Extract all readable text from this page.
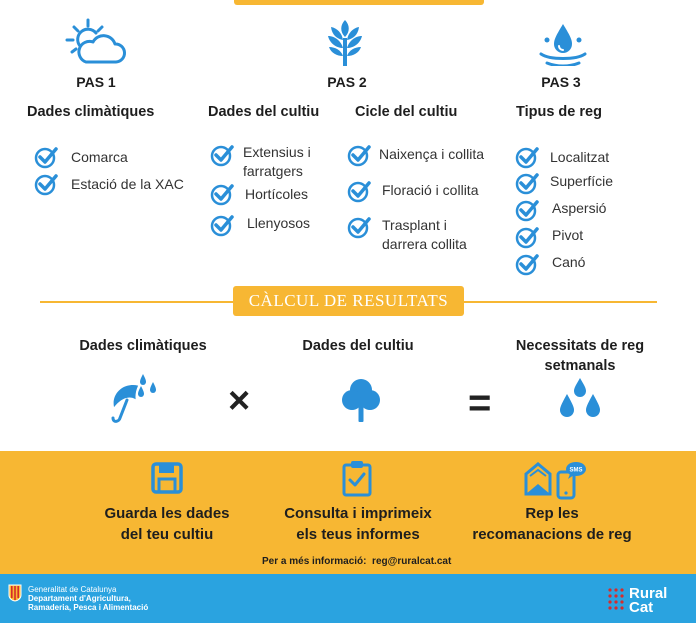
PAS 1	PAS 2	PAS 3
Dades climàtiques	Dades del cultiu Cicle del cultiu	Tipus de reg
Comarca
Estació de la XAC
Extensius i farratgers
Hortícoles
Llenyosos
Naixença i collita
Floració i collita
Trasplant i darrera collita
Localitzat
Superfície
Aspersió
Pivot
Canó
CÀLCUL DE RESULTATS
Dades climàtiques	Dades del cultiu	Necessitats de reg setmanals
×	=
Guarda les dades
del teu cultiu
Consulta i imprimeix
els teus informes
SMS
Rep les
recomanacions de reg
Per a més informació: reg@ruralcat.cat
Generalitat de Catalunya
Departament d'Agricultura,
Ramaderia, Pesca i Alimentació
Rural
Cat
